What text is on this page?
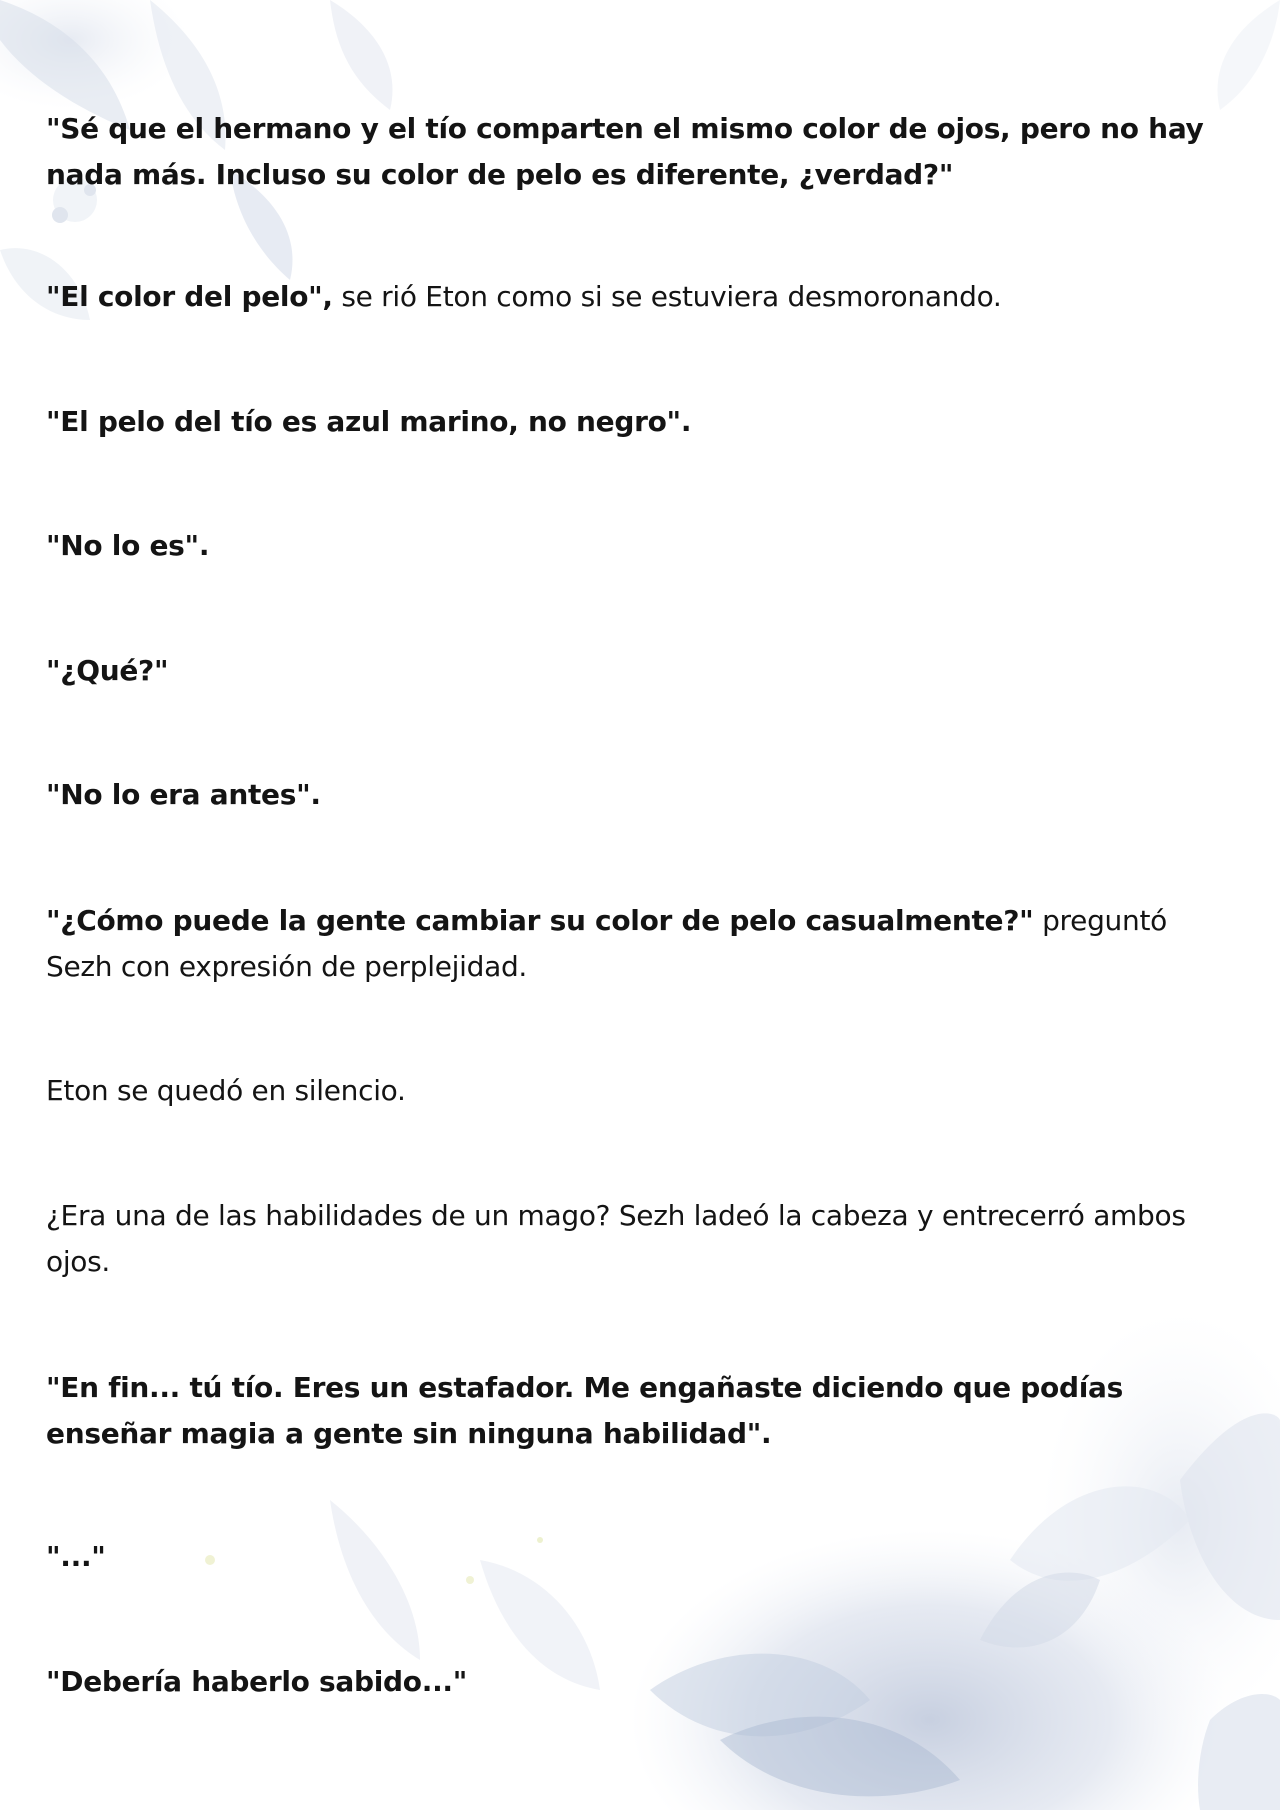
"Sé que el hermano y el tío comparten el mismo color de ojos, pero no hay nada más. Incluso su color de pelo es diferente, ¿verdad?"

"El color del pelo", se rió Eton como si se estuviera desmoronando.

"El pelo del tío es azul marino, no negro".

"No lo es".

"¿Qué?"

"No lo era antes".

"¿Cómo puede la gente cambiar su color de pelo casualmente?" preguntó Sezh con expresión de perplejidad.

Eton se quedó en silencio.

¿Era una de las habilidades de un mago? Sezh ladeó la cabeza y entrecerró ambos ojos.

"En fin... tú tío. Eres un estafador. Me engañaste diciendo que podías enseñar magia a gente sin ninguna habilidad".

"..."

"Debería haberlo sabido..."
